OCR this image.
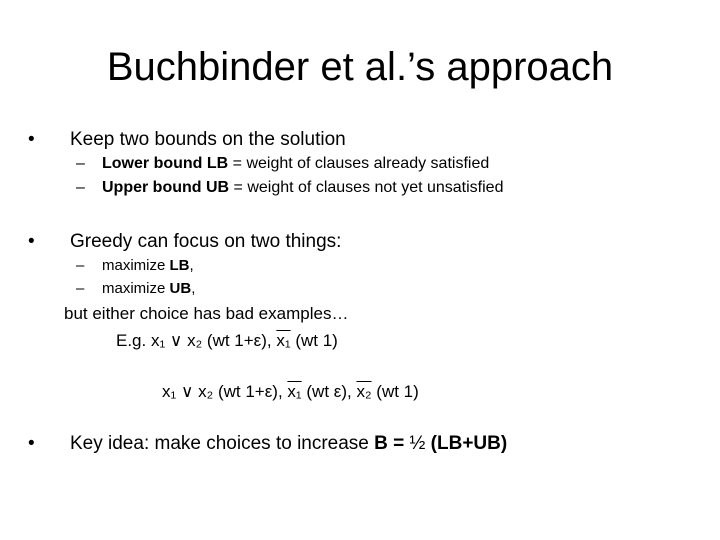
Buchbinder et al.’s approach
• Keep two bounds on the solution
– Lower bound LB = weight of clauses already satisfied
– Upper bound UB = weight of clauses not yet unsatisfied
• Greedy can focus on two things:
– maximize LB,
– maximize UB,
but either choice has bad examples…
E.g. x₁ ∨ x₂ (wt 1+ε), x₁ (wt 1)
x₁ ∨ x₂ (wt 1+ε), x₁ (wt ε), x₂ (wt 1)
• Key idea: make choices to increase B = ½ (LB+UB)
